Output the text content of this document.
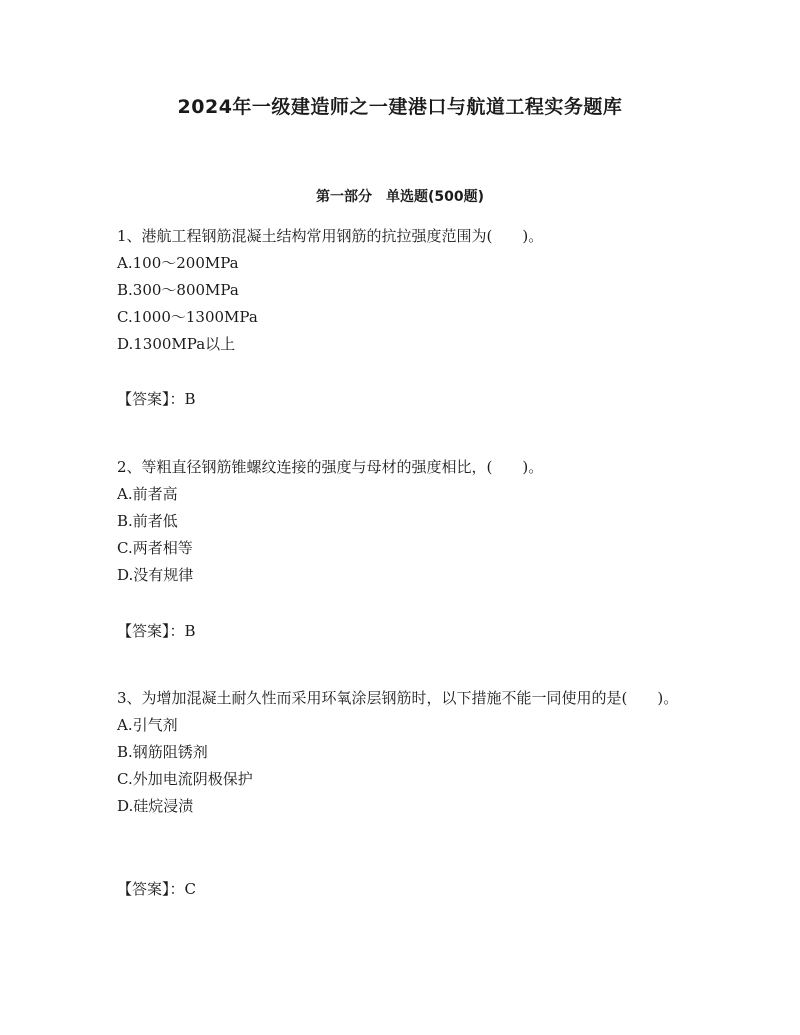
2024年一级建造师之一建港口与航道工程实务题库
第一部分　单选题(500题)

1、港航工程钢筋混凝土结构常用钢筋的抗拉强度范围为(　　)。

A.100～200MPa

B.300～800MPa

C.1000～1300MPa

D.1300MPa以上

【答案】：B

2、等粗直径钢筋锥螺纹连接的强度与母材的强度相比，(　　)。

A.前者高

B.前者低

C.两者相等

D.没有规律

【答案】：B

3、为增加混凝土耐久性而采用环氧涂层钢筋时，以下措施不能一同使用的是(　　)。

A.引气剂

B.钢筋阻锈剂

C.外加电流阴极保护

D.硅烷浸渍

【答案】：C
